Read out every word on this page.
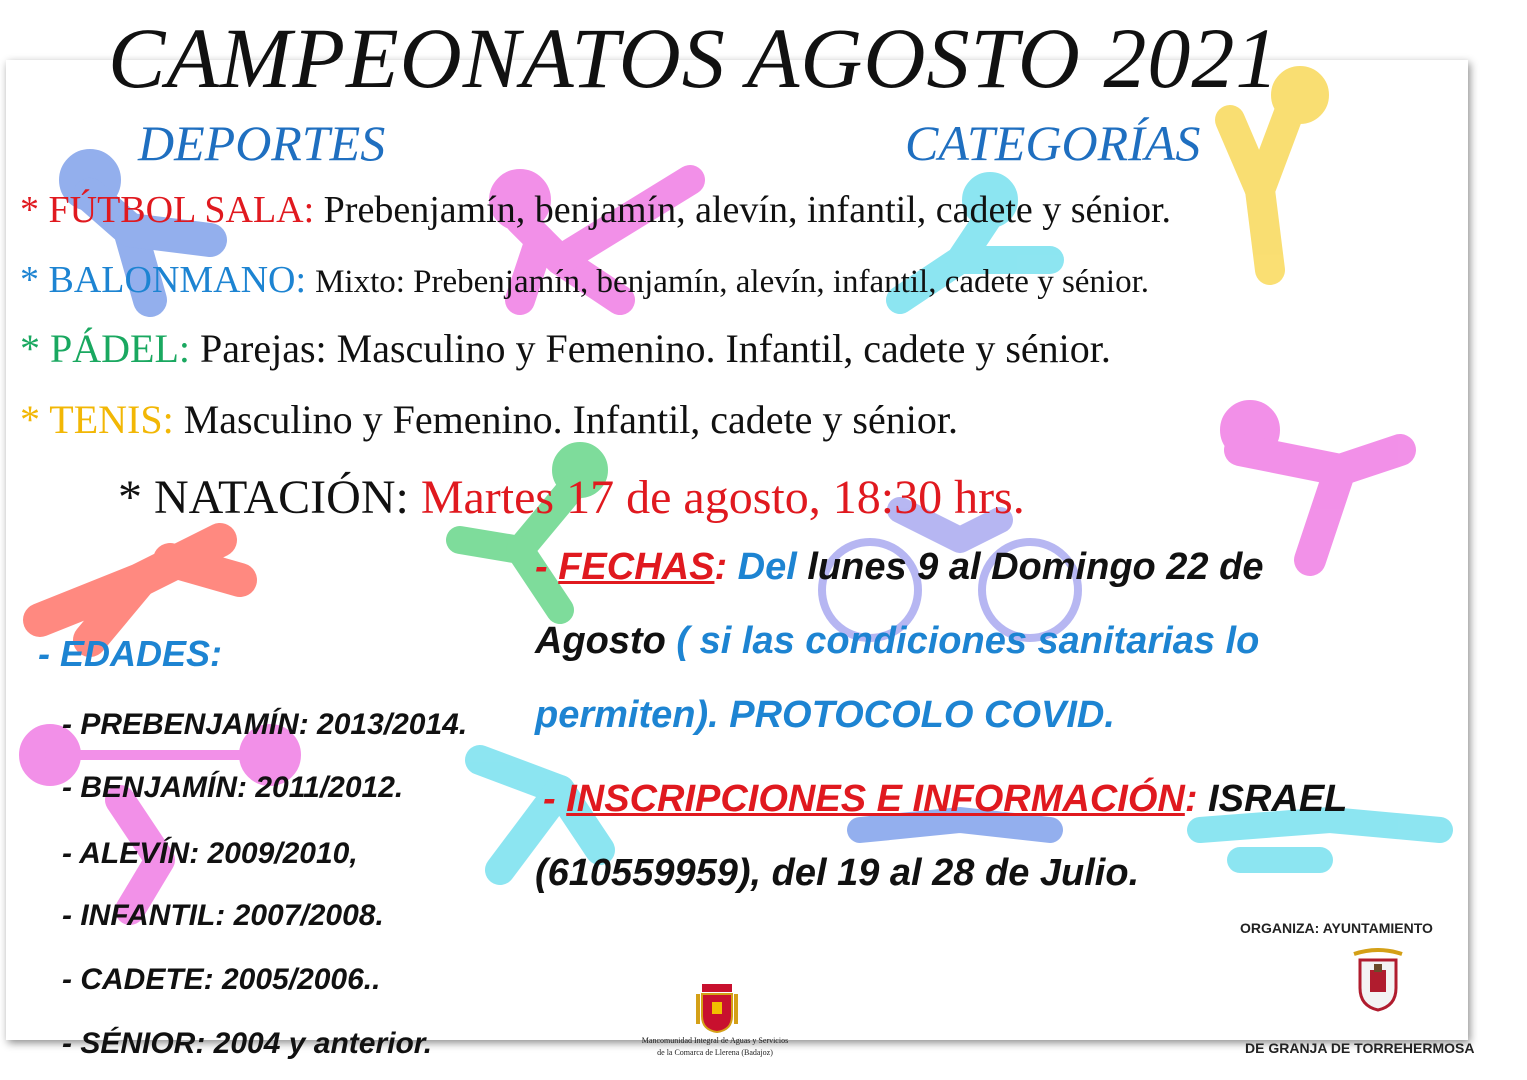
CAMPEONATOS AGOSTO 2021
DEPORTES	CATEGORÍAS
* FÚTBOL SALA: Prebenjamín, benjamín, alevín, infantil, cadete y sénior.
* BALONMANO: Mixto: Prebenjamín, benjamín, alevín, infantil, cadete y sénior.
* PÁDEL: Parejas: Masculino y Femenino. Infantil, cadete y sénior.
* TENIS: Masculino y Femenino. Infantil, cadete y sénior.
* NATACIÓN: Martes 17 de agosto, 18:30 hrs.
- EDADES:
- PREBENJAMÍN: 2013/2014.
- BENJAMÍN: 2011/2012.
- ALEVÍN: 2009/2010,
- INFANTIL: 2007/2008.
- CADETE: 2005/2006..
- SÉNIOR: 2004 y anterior.
- FECHAS: Del lunes 9 al Domingo 22 de
Agosto ( si las condiciones sanitarias lo
permiten). PROTOCOLO COVID.
- INSCRIPCIONES E INFORMACIÓN: ISRAEL
(610559959), del 19 al 28 de Julio.
ORGANIZA: AYUNTAMIENTO
DE GRANJA DE TORREHERMOSA
Mancomunidad Integral de Aguas y Servicios
de la Comarca de Llerena (Badajoz)
